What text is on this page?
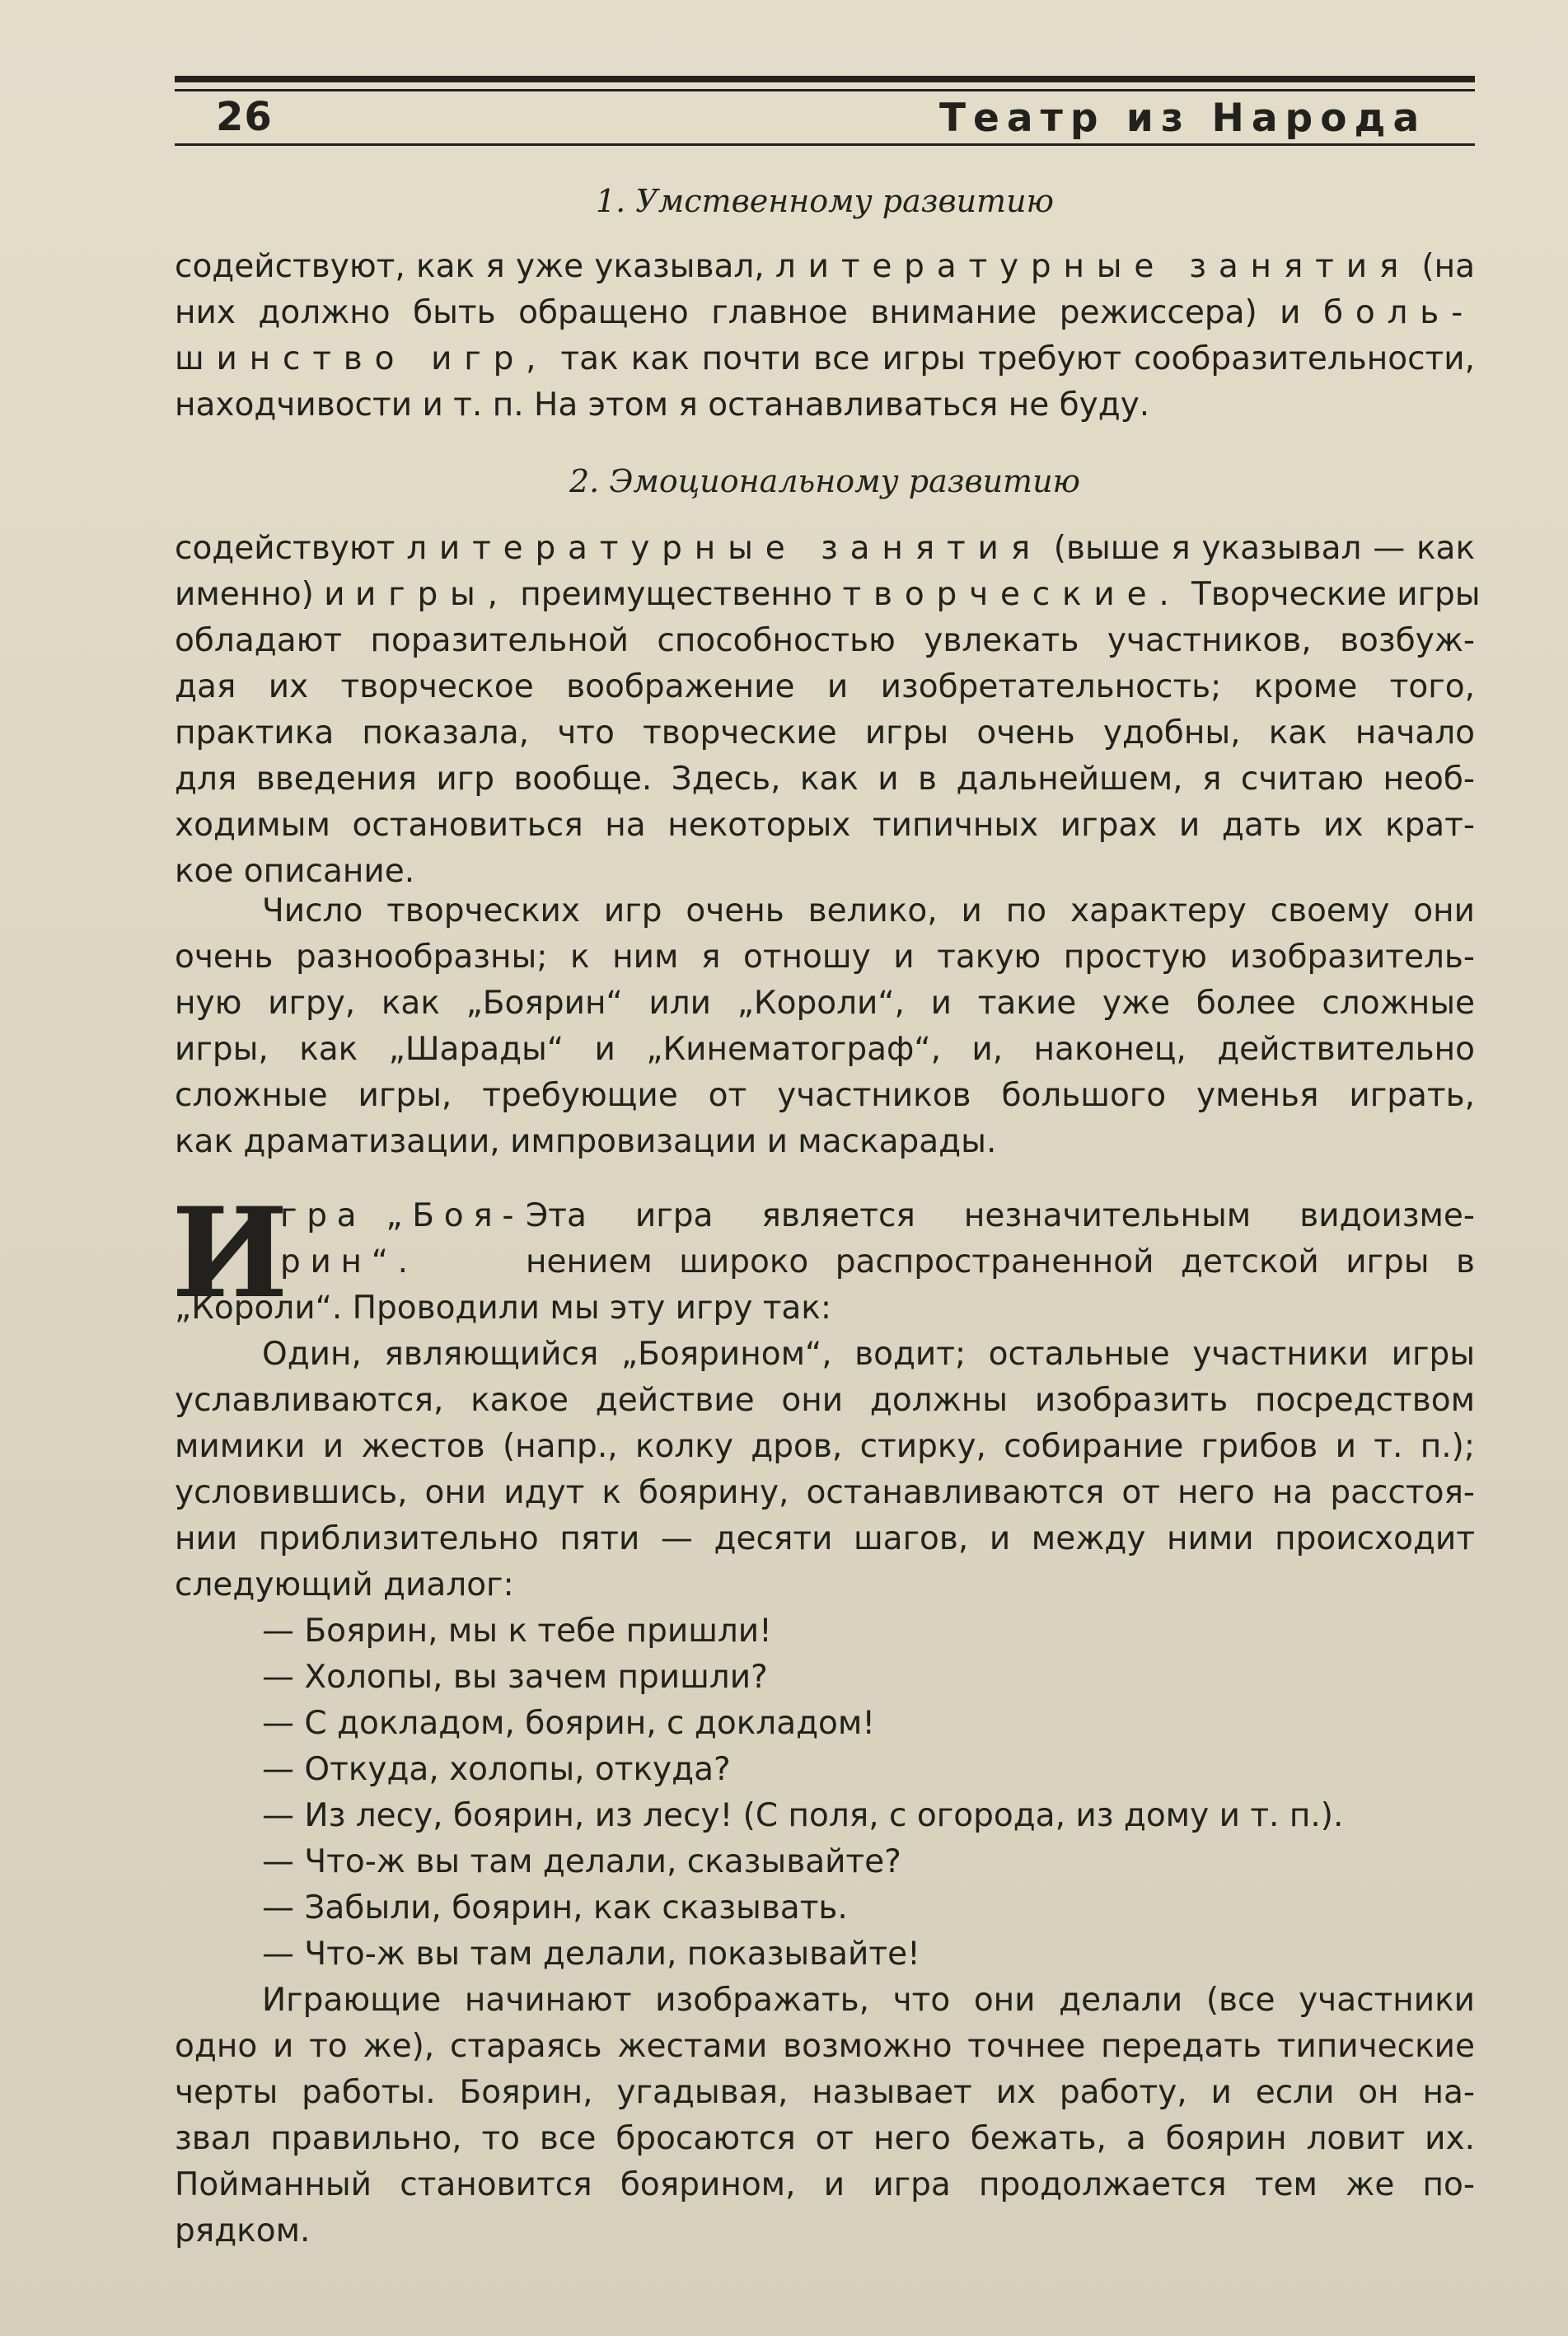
26	Театр из Народа
1. Умственному развитию
содействуют, как я уже указывал, литературные занятия (на
них должно быть обращено главное внимание режиссера) и боль-
шинство игр, так как почти все игры требуют сообразительности,
находчивости и т. п. На этом я останавливаться не буду.
2. Эмоциональному развитию
содействуют литературные занятия (выше я указывал — как
именно) и игры, преимущественно творческие. Творческие игры
обладают поразительной способностью увлекать участников, возбуж-
дая их творческое воображение и изобретательность; кроме того,
практика показала, что творческие игры очень удобны, как начало
для введения игр вообще. Здесь, как и в дальнейшем, я считаю необ-
ходимым остановиться на некоторых типичных играх и дать их крат-
кое описание.
Число творческих игр очень велико, и по характеру своему они
очень разнообразны; к ним я отношу и такую простую изобразитель-
ную игру, как „Боярин“ или „Короли“, и такие уже более сложные
игры, как „Шарады“ и „Кинематограф“, и, наконец, действительно
сложные игры, требующие от участников большого уменья играть,
как драматизации, импровизации и маскарады.
И
гра „Боя-
рин“.
Эта игра является незначительным видоизме-
нением широко распространенной детской игры в
„Короли“. Проводили мы эту игру так:
Один, являющийся „Боярином“, водит; остальные участники игры
уславливаются, какое действие они должны изобразить посредством
мимики и жестов (напр., колку дров, стирку, собирание грибов и т. п.);
условившись, они идут к боярину, останавливаются от него на расстоя-
нии приблизительно пяти — десяти шагов, и между ними происходит
следующий диалог:
— Боярин, мы к тебе пришли!
— Холопы, вы зачем пришли?
— С докладом, боярин, с докладом!
— Откуда, холопы, откуда?
— Из лесу, боярин, из лесу! (С поля, с огорода, из дому и т. п.).
— Что-ж вы там делали, сказывайте?
— Забыли, боярин, как сказывать.
— Что-ж вы там делали, показывайте!
Играющие начинают изображать, что они делали (все участники
одно и то же), стараясь жестами возможно точнее передать типические
черты работы. Боярин, угадывая, называет их работу, и если он на-
звал правильно, то все бросаются от него бежать, а боярин ловит их.
Пойманный становится боярином, и игра продолжается тем же по-
рядком.
